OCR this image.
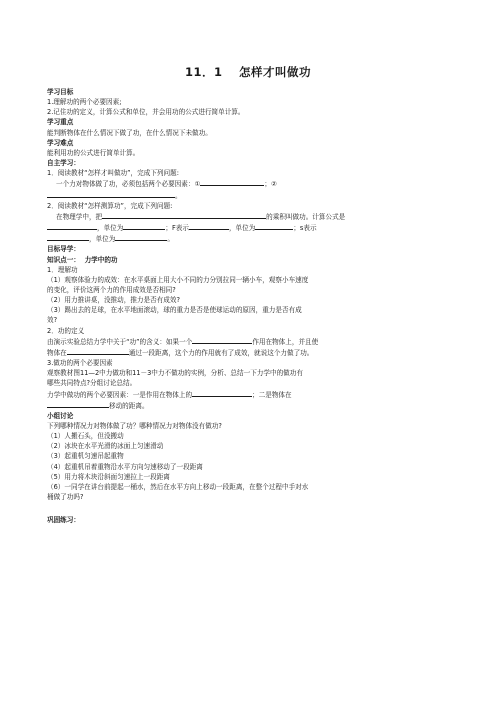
11．1　 怎样才叫做功

学习目标

1.理解功的两个必要因素;

2.记住功的定义，计算公式和单位，并会用功的公式进行简单计算。

学习重点

能判断物体在什么情况下做了功，在什么情况下未做功。

学习难点

能利用功的公式进行简单计算。

自主学习：

1．阅读教材“怎样才叫做功”，完成下列问题:

一个力对物体做了功，必须包括两个必要因素：①	；②

。

2．阅读教材“怎样测算功”，完成下列问题:

在物理学中，把	的乘积叫做功。计算公式是

，单位为	；F表示	，单位为	；s表示

，单位为	。

目标导学：

知识点一： 力学中的功

1．理解功

（1）观察体验力的成效：在水平桌面上用大小不同的力分别拉同一辆小车，观察小车速度

的变化，评价这两个力的作用成效是否相同?

（2）用力推讲桌，没推动，推力是否有成效?

（3）踢出去的足球，在水平地面滚动，球的重力是否是使球运动的原因，重力是否有成

效?

2．功的定义

由演示实验总结力学中关于“功”的含义：如果一个	作用在物体上，并且使

物体在	通过一段距离，这个力的作用就有了成效，就说这个力做了功。

3.做功的两个必要因素

观察教材图11—2中力做功和11－3中力不做功的实例，分析、总结一下力学中的做功有

哪些共同特点?分组讨论总结。

力学中做功的两个必要因素：一是作用在物体上的	；二是物体在

移动的距离。

小组讨论

下列哪种情况力对物体做了功？哪种情况力对物体没有做功?

（1）人搬石头，但没搬动

（2）冰块在水平光滑的冰面上匀速滑动

（3）起重机匀速吊起重物

（4）起重机吊着重物沿水平方向匀速移动了一段距离

（5）用力将木块沿斜面匀速拉上一段距离

（6）一同学在讲台前提起一桶水，然后在水平方向上移动一段距离，在整个过程中手对水

桶做了功吗?

巩固练习：
